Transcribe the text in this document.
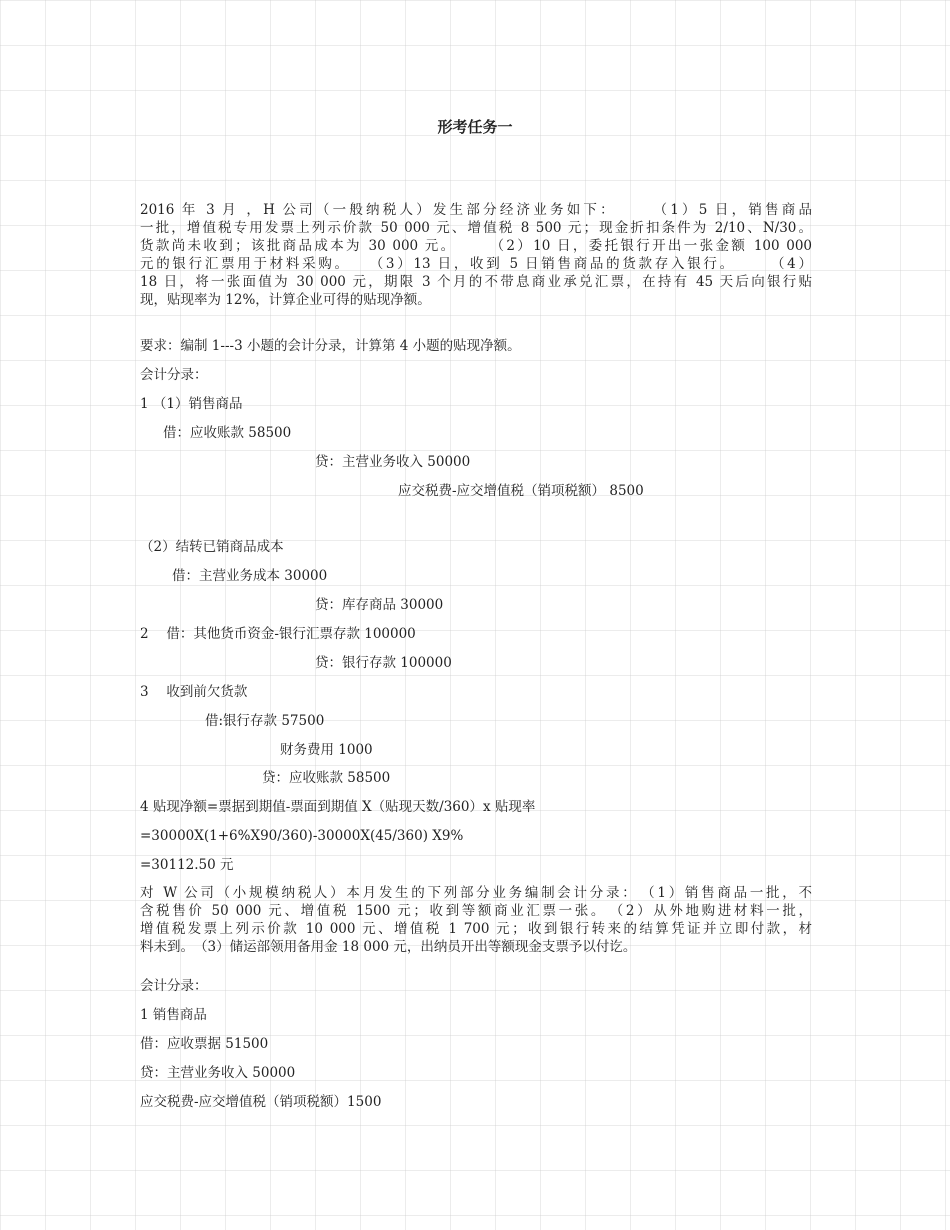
形考任务一
2016 年 3 月 ，H 公司（一般纳税人）发生部分经济业务如下：　　　（1）5 日，销售商品
一批，增值税专用发票上列示价款 50 000 元、增值税 8 500 元；现金折扣条件为 2/10、N/30。
货款尚未收到；该批商品成本为 30 000 元。　　　（2）10 日，委托银行开出一张金额 100 000
元的银行汇票用于材料采购。　　（3）13 日，收到 5 日销售商品的货款存入银行。　　　（4）
18 日，将一张面值为 30 000 元，期限 3 个月的不带息商业承兑汇票，在持有 45 天后向银行贴
现，贴现率为 12%，计算企业可得的贴现净额。
要求：编制 1---3 小题的会计分录，计算第 4 小题的贴现净额。
会计分录：
1 （1）销售商品
借：应收账款 58500
贷：主营业务收入 50000
应交税费-应交增值税（销项税额） 8500
（2）结转已销商品成本
借：主营业务成本 30000
贷：库存商品 30000
2　 借：其他货币资金-银行汇票存款 100000
贷：银行存款 100000
3　 收到前欠货款
借:银行存款 57500
财务费用 1000
贷：应收账款 58500
4 贴现净额=票据到期值-票面到期值 X（贴现天数/360）x 贴现率
=30000X(1+6%X90/360)-30000X(45/360) X9%
=30112.50 元
对 W 公司（小规模纳税人）本月发生的下列部分业务编制会计分录：　（1）销售商品一批，不
含税售价 50 000 元、增值税 1500 元；收到等额商业汇票一张。　（2）从外地购进材料一批，
增值税发票上列示价款 10 000 元、增值税 1 700 元；收到银行转来的结算凭证并立即付款，材
料未到。　（3）储运部领用备用金 18 000 元，出纳员开出等额现金支票予以付讫。
会计分录：
1 销售商品
借：应收票据 51500
贷：主营业务收入 50000
应交税费-应交增值税（销项税额）1500
